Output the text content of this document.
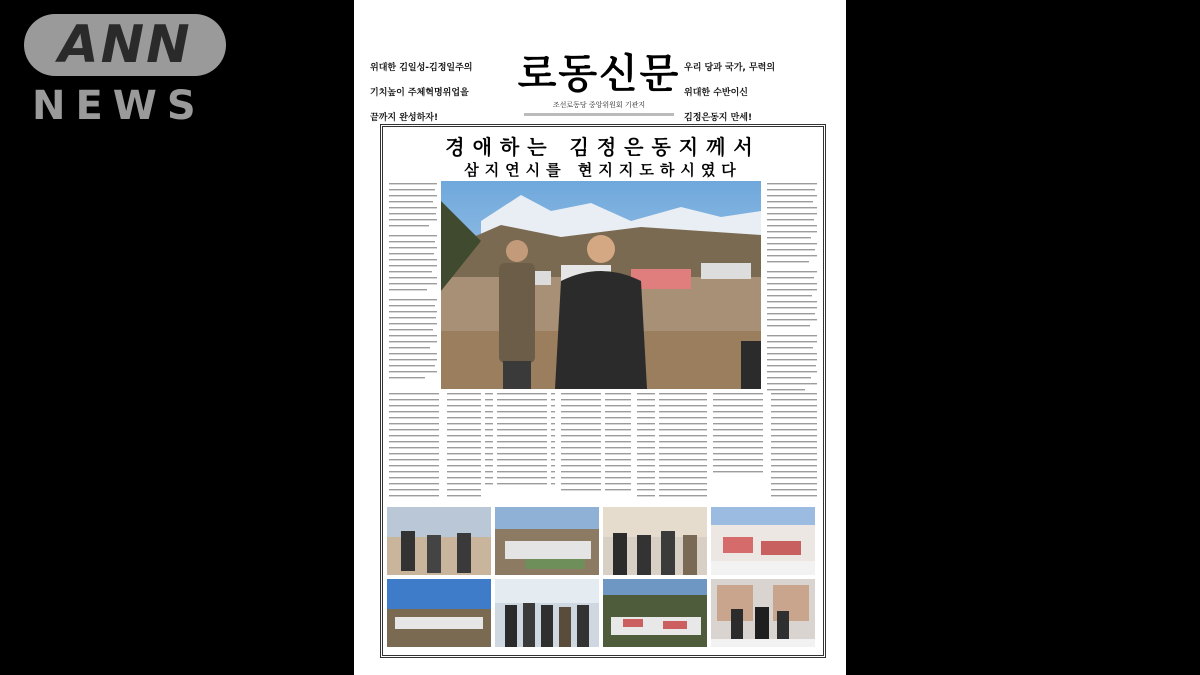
ANN
NEWS
위대한 김일성-김정일주의
기치높이 주체혁명위업을
끝까지 완성하자!
로동신문
조선로동당 중앙위원회 기관지
우리 당과 국가, 무력의
위대한 수반이신
김정은동지 만세!
경애하는 김정은동지께서
삼지연시를 현지지도하시였다
